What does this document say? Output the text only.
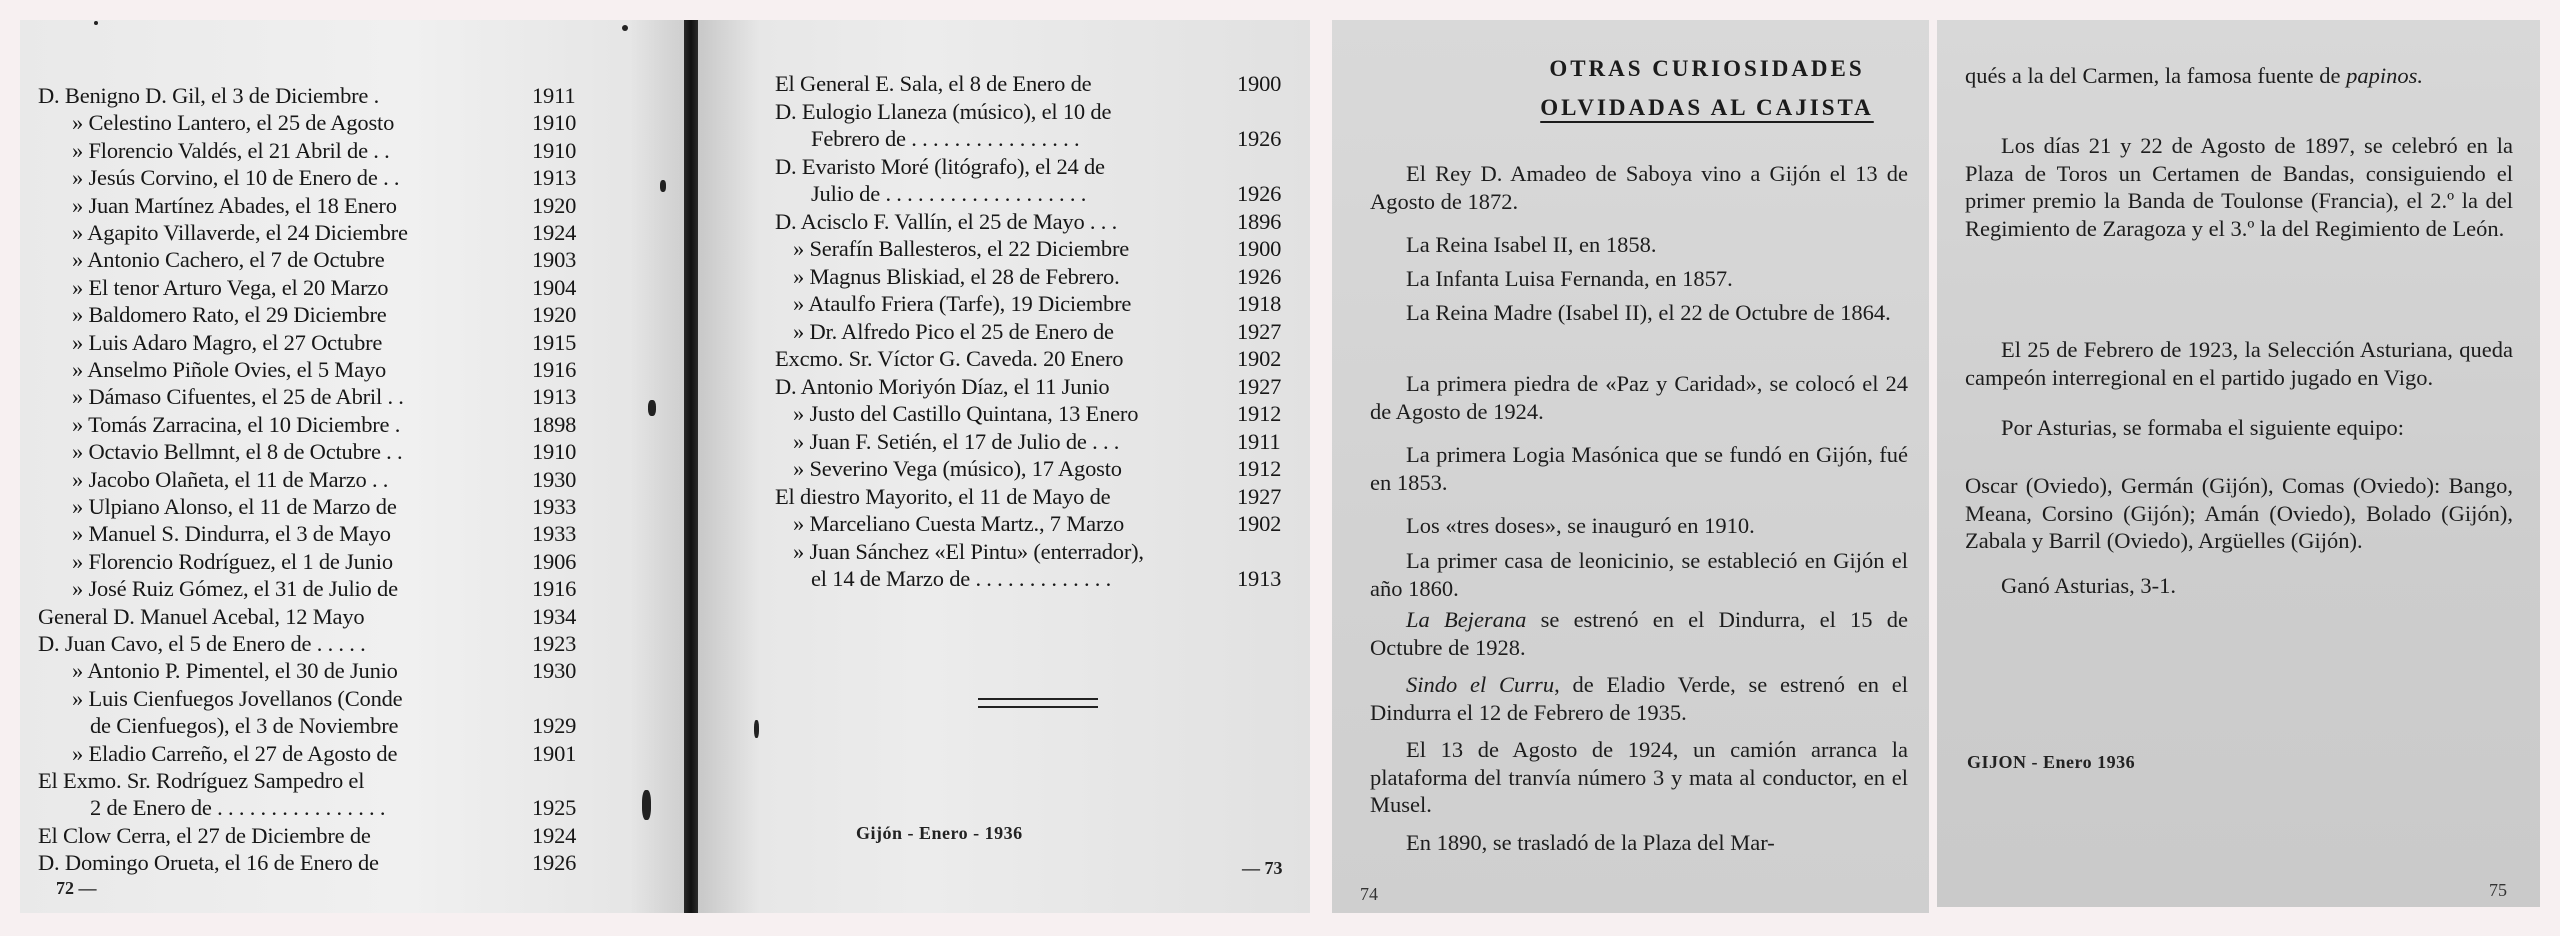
D. Benigno D. Gil, el 3 de Diciembre .	1911
» Celestino Lantero, el 25 de Agosto	1910
» Florencio Valdés, el 21 Abril de . .	1910
» Jesús Corvino, el 10 de Enero de . .	1913
» Juan Martínez Abades, el 18 Enero	1920
» Agapito Villaverde, el 24 Diciembre	1924
» Antonio Cachero, el 7 de Octubre	1903
» El tenor Arturo Vega, el 20 Marzo	1904
» Baldomero Rato, el 29 Diciembre	1920
» Luis Adaro Magro, el 27 Octubre	1915
» Anselmo Piñole Ovies, el 5 Mayo	1916
» Dámaso Cifuentes, el 25 de Abril . .	1913
» Tomás Zarracina, el 10 Diciembre .	1898
» Octavio Bellmnt, el 8 de Octubre . .	1910
» Jacobo Olañeta, el 11 de Marzo . .	1930
» Ulpiano Alonso, el 11 de Marzo de	1933
» Manuel S. Dindurra, el 3 de Mayo	1933
» Florencio Rodríguez, el 1 de Junio	1906
» José Ruiz Gómez, el 31 de Julio de	1916
General D. Manuel Acebal, 12 Mayo	1934
D. Juan Cavo, el 5 de Enero de . . . . .	1923
» Antonio P. Pimentel, el 30 de Junio	1930
» Luis Cienfuegos Jovellanos (Conde
de Cienfuegos), el 3 de Noviembre	1929
» Eladio Carreño, el 27 de Agosto de	1901
El Exmo. Sr. Rodríguez Sampedro el
2 de Enero de . . . . . . . . . . . . . . . .	1925
El Clow Cerra, el 27 de Diciembre de	1924
D. Domingo Orueta, el 16 de Enero de	1926
72 —
El General E. Sala, el 8 de Enero de	1900
D. Eulogio Llaneza (músico), el 10 de
Febrero de . . . . . . . . . . . . . . . .	1926
D. Evaristo Moré (litógrafo), el 24 de
Julio de . . . . . . . . . . . . . . . . . . .	1926
D. Acisclo F. Vallín, el 25 de Mayo . . .	1896
» Serafín Ballesteros, el 22 Diciembre	1900
» Magnus Bliskiad, el 28 de Febrero.	1926
» Ataulfo Friera (Tarfe), 19 Diciembre	1918
» Dr. Alfredo Pico el 25 de Enero de	1927
Excmo. Sr. Víctor G. Caveda. 20 Enero	1902
D. Antonio Moriyón Díaz, el 11 Junio	1927
» Justo del Castillo Quintana, 13 Enero	1912
» Juan F. Setién, el 17 de Julio de . . .	1911
» Severino Vega (músico), 17 Agosto	1912
El diestro Mayorito, el 11 de Mayo de	1927
» Marceliano Cuesta Martz., 7 Marzo	1902
» Juan Sánchez «El Pintu» (enterrador),
el 14 de Marzo de . . . . . . . . . . . . .	1913
Gijón - Enero - 1936
— 73
OTRAS CURIOSIDADES
OLVIDADAS AL CAJISTA

El Rey D. Amadeo de Saboya vino a Gijón el 13 de Agosto de 1872.

La Reina Isabel II, en 1858.

La Infanta Luisa Fernanda, en 1857.

La Reina Madre (Isabel II), el 22 de Octubre de 1864.

La primera piedra de «Paz y Caridad», se colocó el 24 de Agosto de 1924.

La primera Logia Masónica que se fundó en Gijón, fué en 1853.

Los «tres doses», se inauguró en 1910.

La primer casa de leonicinio, se estableció en Gijón el año 1860.

La Bejerana se estrenó en el Dindurra, el 15 de Octubre de 1928.

Sindo el Curru, de Eladio Verde, se estrenó en el Dindurra el 12 de Febrero de 1935.

El 13 de Agosto de 1924, un camión arranca la plataforma del tranvía número 3 y mata al conductor, en el Musel.

En 1890, se trasladó de la Plaza del Mar-

74

qués a la del Carmen, la famosa fuente de papinos.

Los días 21 y 22 de Agosto de 1897, se celebró en la Plaza de Toros un Certamen de Bandas, consiguiendo el primer premio la Banda de Toulonse (Francia), el 2.º la del Regimiento de Zaragoza y el 3.º la del Regimiento de León.

El 25 de Febrero de 1923, la Selección Asturiana, queda campeón interregional en el partido jugado en Vigo.

Por Asturias, se formaba el siguiente equipo:

Oscar (Oviedo), Germán (Gijón), Comas (Oviedo): Bango, Meana, Corsino (Gijón); Amán (Oviedo), Bolado (Gijón), Zabala y Barril (Oviedo), Argüelles (Gijón).

Ganó Asturias, 3-1.

GIJON - Enero 1936
75
